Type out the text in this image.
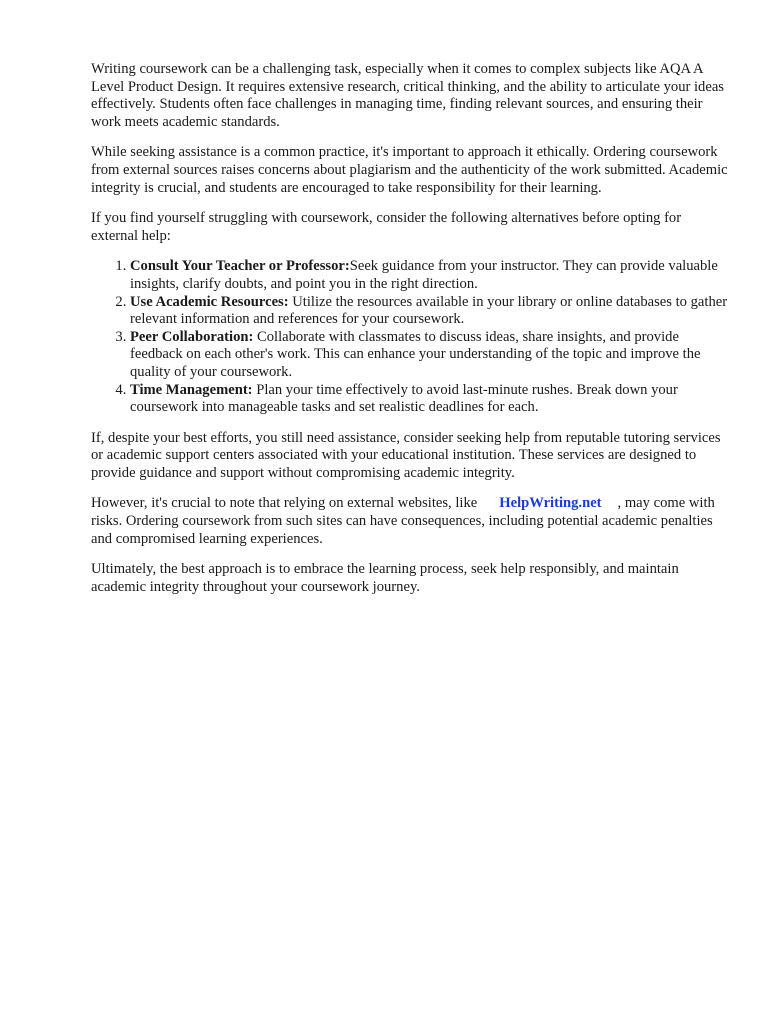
Writing coursework can be a challenging task, especially when it comes to complex subjects like AQA A Level Product Design. It requires extensive research, critical thinking, and the ability to articulate your ideas effectively. Students often face challenges in managing time, finding relevant sources, and ensuring their work meets academic standards.

While seeking assistance is a common practice, it's important to approach it ethically. Ordering coursework from external sources raises concerns about plagiarism and the authenticity of the work submitted. Academic integrity is crucial, and students are encouraged to take responsibility for their learning.

If you find yourself struggling with coursework, consider the following alternatives before opting for external help:

1. Consult Your Teacher or Professor:Seek guidance from your instructor. They can provide valuable insights, clarify doubts, and point you in the right direction.
2. Use Academic Resources: Utilize the resources available in your library or online databases to gather relevant information and references for your coursework.
3. Peer Collaboration: Collaborate with classmates to discuss ideas, share insights, and provide feedback on each other's work. This can enhance your understanding of the topic and improve the quality of your coursework.
4. Time Management: Plan your time effectively to avoid last-minute rushes. Break down your coursework into manageable tasks and set realistic deadlines for each.

If, despite your best efforts, you still need assistance, consider seeking help from reputable tutoring services or academic support centers associated with your educational institution. These services are designed to provide guidance and support without compromising academic integrity.

However, it's crucial to note that relying on external websites, like HelpWriting.net , may come with risks. Ordering coursework from such sites can have consequences, including potential academic penalties and compromised learning experiences.

Ultimately, the best approach is to embrace the learning process, seek help responsibly, and maintain academic integrity throughout your coursework journey.
